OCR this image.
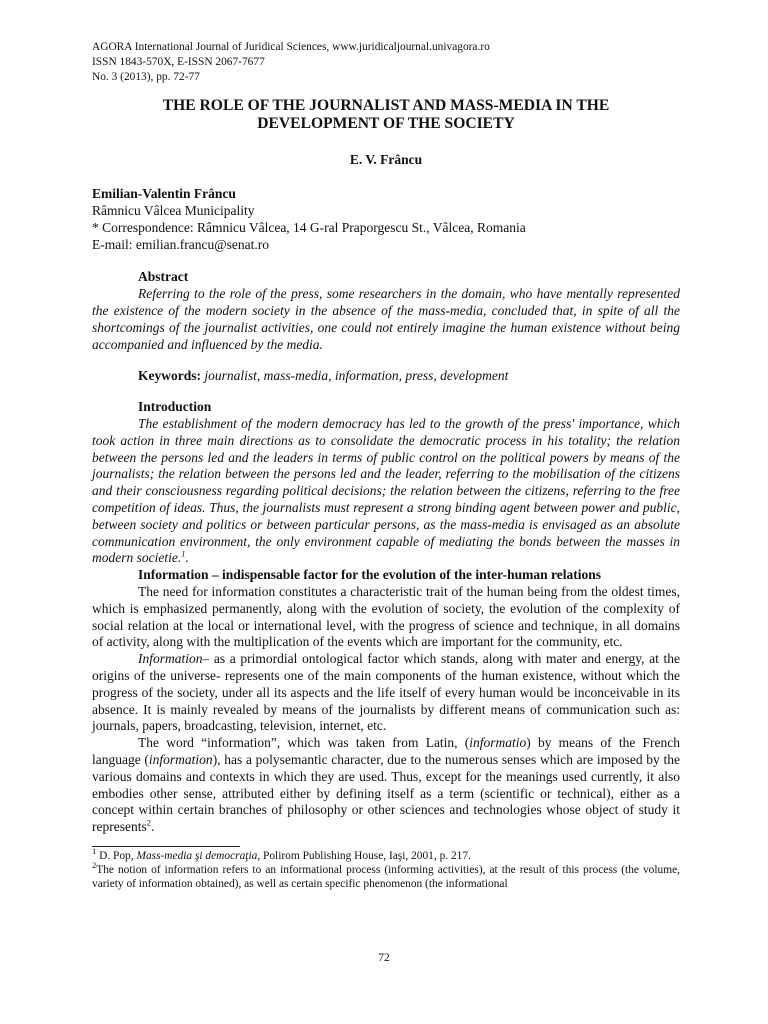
AGORA International Journal of Juridical Sciences, www.juridicaljournal.univagora.ro
ISSN 1843-570X, E-ISSN 2067-7677
No. 3 (2013), pp. 72-77
THE ROLE OF THE JOURNALIST AND MASS-MEDIA IN THE
DEVELOPMENT OF THE SOCIETY
E. V. Frâncu
Emilian-Valentin Frâncu
Râmnicu Vâlcea Municipality
* Correspondence: Râmnicu Vâlcea, 14 G-ral Praporgescu St., Vâlcea, Romania
E-mail: emilian.francu@senat.ro
Abstract
Referring to the role of the press, some researchers in the domain, who have mentally represented the existence of the modern society in the absence of the mass-media, concluded that, in spite of all the shortcomings of the journalist activities, one could not entirely imagine the human existence without being accompanied and influenced by the media.
Keywords: journalist, mass-media, information, press, development
Introduction

The establishment of the modern democracy has led to the growth of the press' importance, which took action in three main directions as to consolidate the democratic process in his totality; the relation between the persons led and the leaders in terms of public control on the political powers by means of the journalists; the relation between the persons led and the leader, referring to the mobilisation of the citizens and their consciousness regarding political decisions; the relation between the citizens, referring to the free competition of ideas. Thus, the journalists must represent a strong binding agent between power and public, between society and politics or between particular persons, as the mass-media is envisaged as an absolute communication environment, the only environment capable of mediating the bonds between the masses in modern societie.$^1$.

Information – indispensable factor for the evolution of the inter-human relations

The need for information constitutes a characteristic trait of the human being from the oldest times, which is emphasized permanently, along with the evolution of society, the evolution of the complexity of social relation at the local or international level, with the progress of science and technique, in all domains of activity, along with the multiplication of the events which are important for the community, etc.

Information– as a primordial ontological factor which stands, along with mater and energy, at the origins of the universe- represents one of the main components of the human existence, without which the progress of the society, under all its aspects and the life itself of every human would be inconceivable in its absence. It is mainly revealed by means of the journalists by different means of communication such as: journals, papers, broadcasting, television, internet, etc.

The word “information”, which was taken from Latin, (informatio) by means of the French language (information), has a polysemantic character, due to the numerous senses which are imposed by the various domains and contexts in which they are used. Thus, except for the meanings used currently, it also embodies other sense, attributed either by defining itself as a term (scientific or technical), either as a concept within certain branches of philosophy or other sciences and technologies whose object of study it represents$^2$.

$^1$ D. Pop, Mass-media şi democraţia, Polirom Publishing House, Iaşi, 2001, p. 217.
$^2$The notion of information refers to an informational process (informing activities), at the result of this process (the volume, variety of information obtained), as well as certain specific phenomenon (the informational
72
